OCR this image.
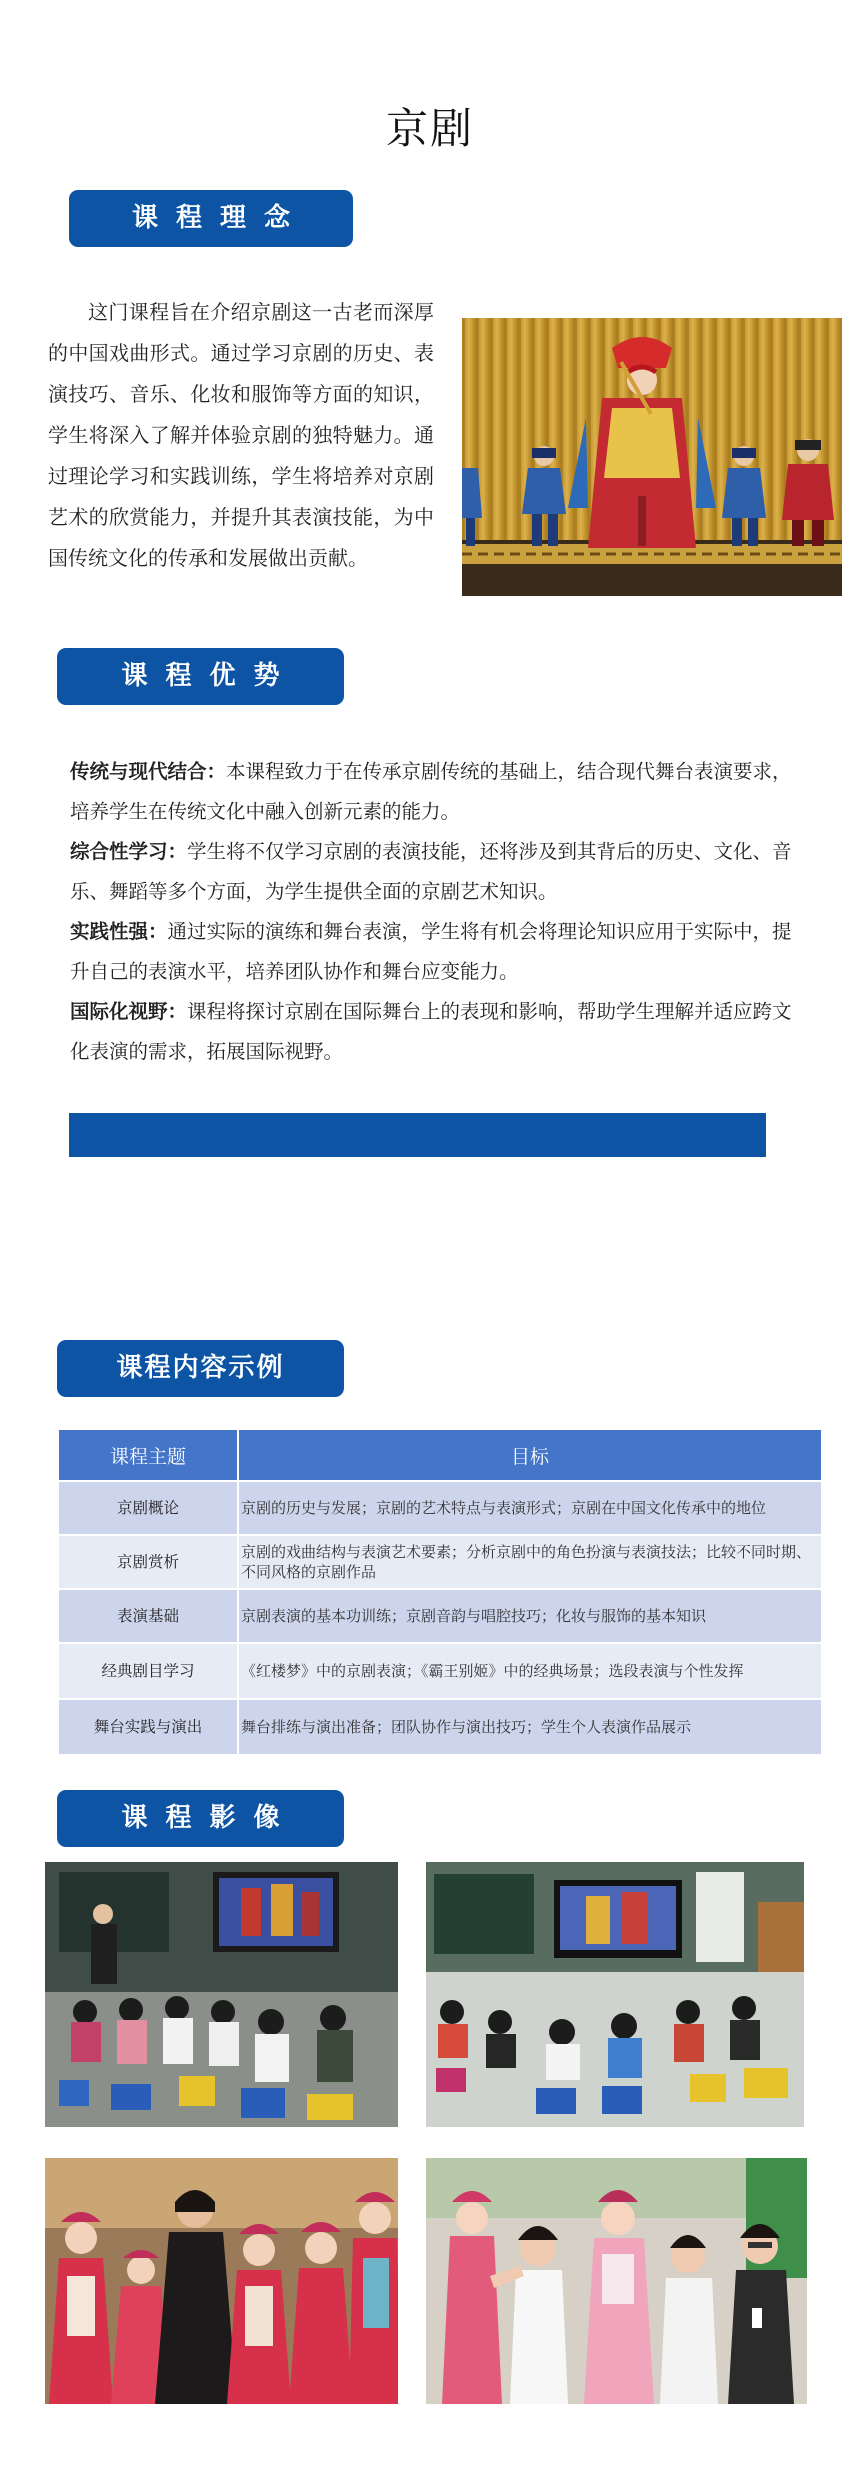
京剧
课程理念

这门课程旨在介绍京剧这一古老而深厚的中国戏曲形式。通过学习京剧的历史、表演技巧、音乐、化妆和服饰等方面的知识，学生将深入了解并体验京剧的独特魅力。通过理论学习和实践训练，学生将培养对京剧艺术的欣赏能力，并提升其表演技能，为中国传统文化的传承和发展做出贡献。

课程优势

传统与现代结合：本课程致力于在传承京剧传统的基础上，结合现代舞台表演要求，培养学生在传统文化中融入创新元素的能力。

综合性学习：学生将不仅学习京剧的表演技能，还将涉及到其背后的历史、文化、音乐、舞蹈等多个方面，为学生提供全面的京剧艺术知识。

实践性强：通过实际的演练和舞台表演，学生将有机会将理论知识应用于实际中，提升自己的表演水平，培养团队协作和舞台应变能力。

国际化视野：课程将探讨京剧在国际舞台上的表现和影响，帮助学生理解并适应跨文化表演的需求，拓展国际视野。

课程内容示例
课程主题	目标
京剧概论	京剧的历史与发展；京剧的艺术特点与表演形式；京剧在中国文化传承中的地位
京剧赏析	京剧的戏曲结构与表演艺术要素；分析京剧中的角色扮演与表演技法；比较不同时期、不同风格的京剧作品
表演基础	京剧表演的基本功训练；京剧音韵与唱腔技巧；化妆与服饰的基本知识
经典剧目学习	《红楼梦》中的京剧表演；《霸王别姬》中的经典场景；选段表演与个性发挥
舞台实践与演出	舞台排练与演出准备；团队协作与演出技巧；学生个人表演作品展示
课程影像
